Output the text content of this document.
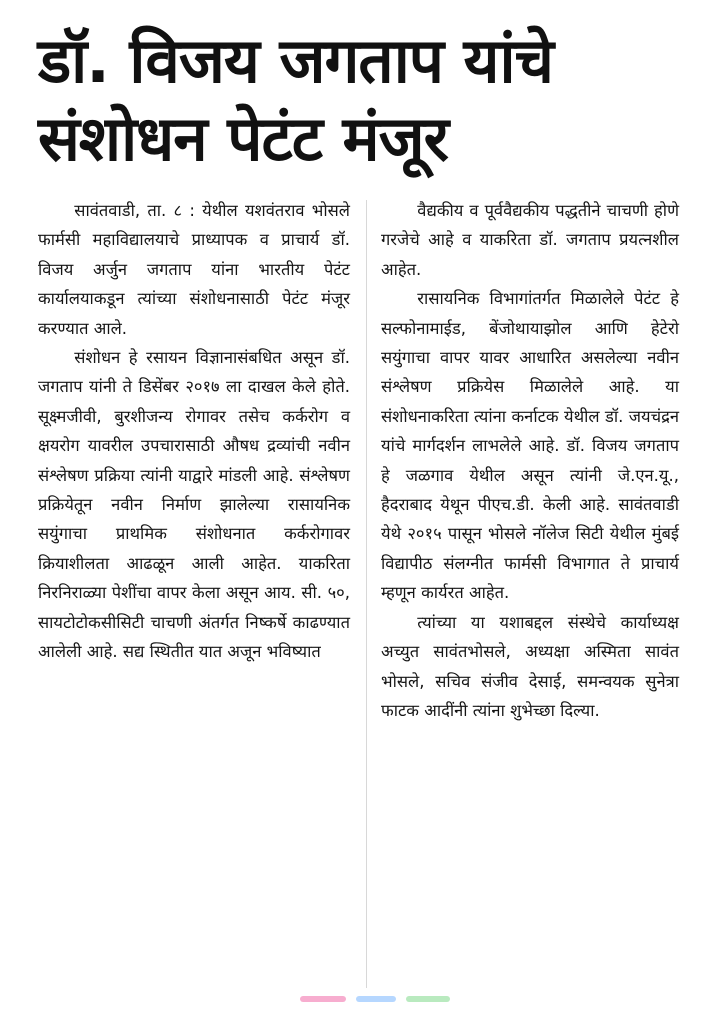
डॉ. विजय जगताप यांचे
संशोधन पेटंट मंजूर

सावंतवाडी, ता. ८ : येथील यशवंतराव भोसले फार्मसी महाविद्यालयाचे प्राध्यापक व प्राचार्य डॉ. विजय अर्जुन जगताप यांना भारतीय पेटंट कार्यालयाकडून त्यांच्या संशोधनासाठी पेटंट मंजूर करण्यात आले.

संशोधन हे रसायन विज्ञानासंबधित असून डॉ. जगताप यांनी ते डिसेंबर २०१७ ला दाखल केले होते. सूक्ष्मजीवी, बुरशीजन्य रोगावर तसेच कर्करोग व क्षयरोग यावरील उपचारासाठी औषध द्रव्यांची नवीन संश्लेषण प्रक्रिया त्यांनी याद्वारे मांडली आहे. संश्लेषण प्रक्रियेतून नवीन निर्माण झालेल्या रासायनिक सयुंगाचा प्राथमिक संशोधनात कर्करोगावर क्रियाशीलता आढळून आली आहेत. याकरिता निरनिराळ्या पेशींचा वापर केला असून आय. सी. ५०, सायटोटोकसीसिटी चाचणी अंतर्गत निष्कर्षे काढण्यात आलेली आहे. सद्य स्थितीत यात अजून भविष्यात

वैद्यकीय व पूर्ववैद्यकीय पद्धतीने चाचणी होणे गरजेचे आहे व याकरिता डॉ. जगताप प्रयत्नशील आहेत.

रासायनिक विभागांतर्गत मिळालेले पेटंट हे सल्फोनामाईड, बेंजोथायाझोल आणि हेटेरो सयुंगाचा वापर यावर आधारित असलेल्या नवीन संश्लेषण प्रक्रियेस मिळालेले आहे. या संशोधनाकरिता त्यांना कर्नाटक येथील डॉ. जयचंद्रन यांचे मार्गदर्शन लाभलेले आहे. डॉ. विजय जगताप हे जळगाव येथील असून त्यांनी जे.एन.यू., हैदराबाद येथून पीएच.डी. केली आहे. सावंतवाडी येथे २०१५ पासून भोसले नॉलेज सिटी येथील मुंबई विद्यापीठ संलग्नीत फार्मसी विभागात ते प्राचार्य म्हणून कार्यरत आहेत.

त्यांच्या या यशाबद्दल संस्थेचे कार्याध्यक्ष अच्युत सावंतभोसले, अध्यक्षा अस्मिता सावंत भोसले, सचिव संजीव देसाई, समन्वयक सुनेत्रा फाटक आदींनी त्यांना शुभेच्छा दिल्या.
